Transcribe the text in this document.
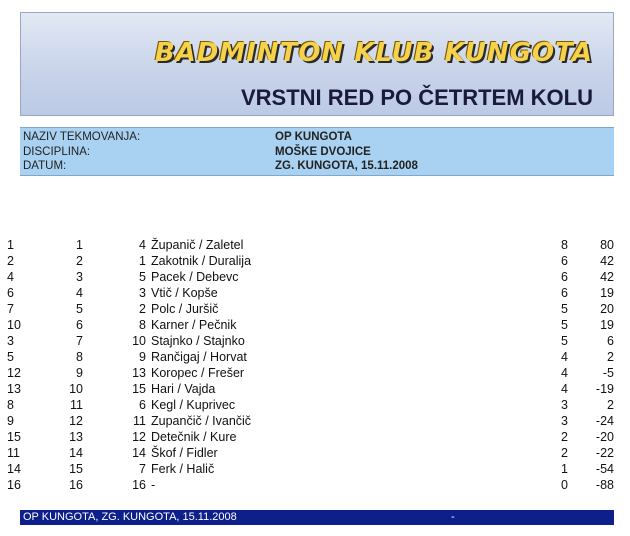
BADMINTON KLUB KUNGOTA
VRSTNI RED PO ČETRTEM KOLU
NAZIV TEKMOVANJA:	OP KUNGOTA
DISCIPLINA:	MOŠKE DVOJICE
DATUM:	ZG. KUNGOTA, 15.11.2008
1	1	4 Županič / Zaletel	8	80
2	2	1 Zakotnik / Duralija	6	42
4	3	5 Pacek / Debevc	6	42
6	4	3 Vtič / Kopše	6	19
7	5	2 Polc / Juršič	5	20
10	6	8 Karner / Pečnik	5	19
3	7	10 Stajnko / Stajnko	5	6
5	8	9 Rančigaj / Horvat	4	2
12	9	13 Koropec / Frešer	4	-5
13	10	15 Hari / Vajda	4	-19
8	11	6 Kegl / Kuprivec	3	2
9	12	11 Zupančič / Ivančič	3	-24
15	13	12 Detečnik / Kure	2	-20
11	14	14 Škof / Fidler	2	-22
14	15	7 Ferk / Halič	1	-54
16	16	16 -	0	-88
OP KUNGOTA, ZG. KUNGOTA, 15.11.2008	-
